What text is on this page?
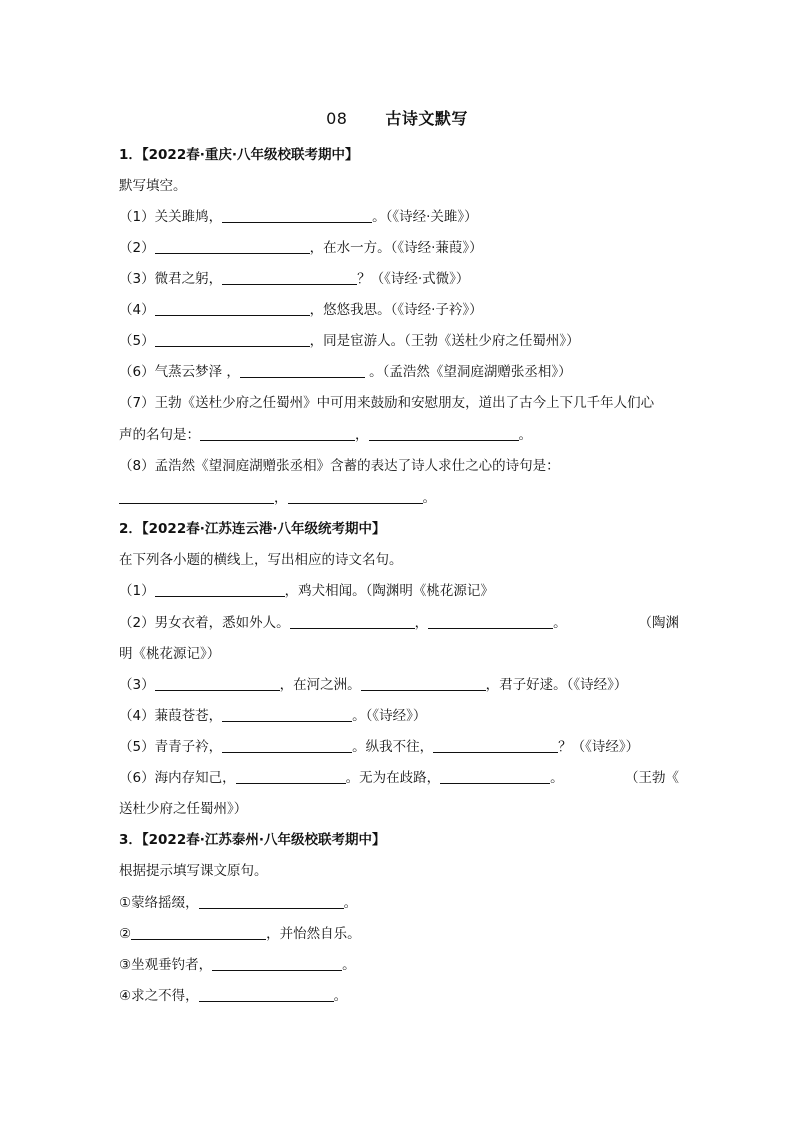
08 古诗文默写
1．【2022春·重庆·八年级校联考期中】
默写填空。
（1）关关雎鸠，	。（《诗经·关雎》）
（2）	，在水一方。（《诗经·蒹葭》）
（3）微君之躬，	？（《诗经·式微》）
（4）	，悠悠我思。（《诗经·子衿》）
（5）	，同是宦游人。（王勃《送杜少府之任蜀州》）
（6）气蒸云梦泽 ，	。（孟浩然《望洞庭湖赠张丞相》）
（7）王勃《送杜少府之任蜀州》中可用来鼓励和安慰朋友，道出了古今上下几千年人们心
声的名句是：	，	。
（8）孟浩然《望洞庭湖赠张丞相》含蓄的表达了诗人求仕之心的诗句是：
，	。
2．【2022春·江苏连云港·八年级统考期中】
在下列各小题的横线上，写出相应的诗文名句。
（1）	，鸡犬相闻。（陶渊明《桃花源记》
（2）男女衣着，悉如外人。	，	。	（陶渊
明《桃花源记》）
（3）	，在河之洲。	，君子好逑。（《诗经》）
（4）蒹葭苍苍，	。（《诗经》）
（5）青青子衿，	。纵我不往，	？（《诗经》）
（6）海内存知己，	。无为在歧路，	。	（王勃《
送杜少府之任蜀州》）
3．【2022春·江苏泰州·八年级校联考期中】
根据提示填写课文原句。
①蒙络摇缀，	。
②	，并怡然自乐。
③坐观垂钓者，	。
④求之不得，	。
